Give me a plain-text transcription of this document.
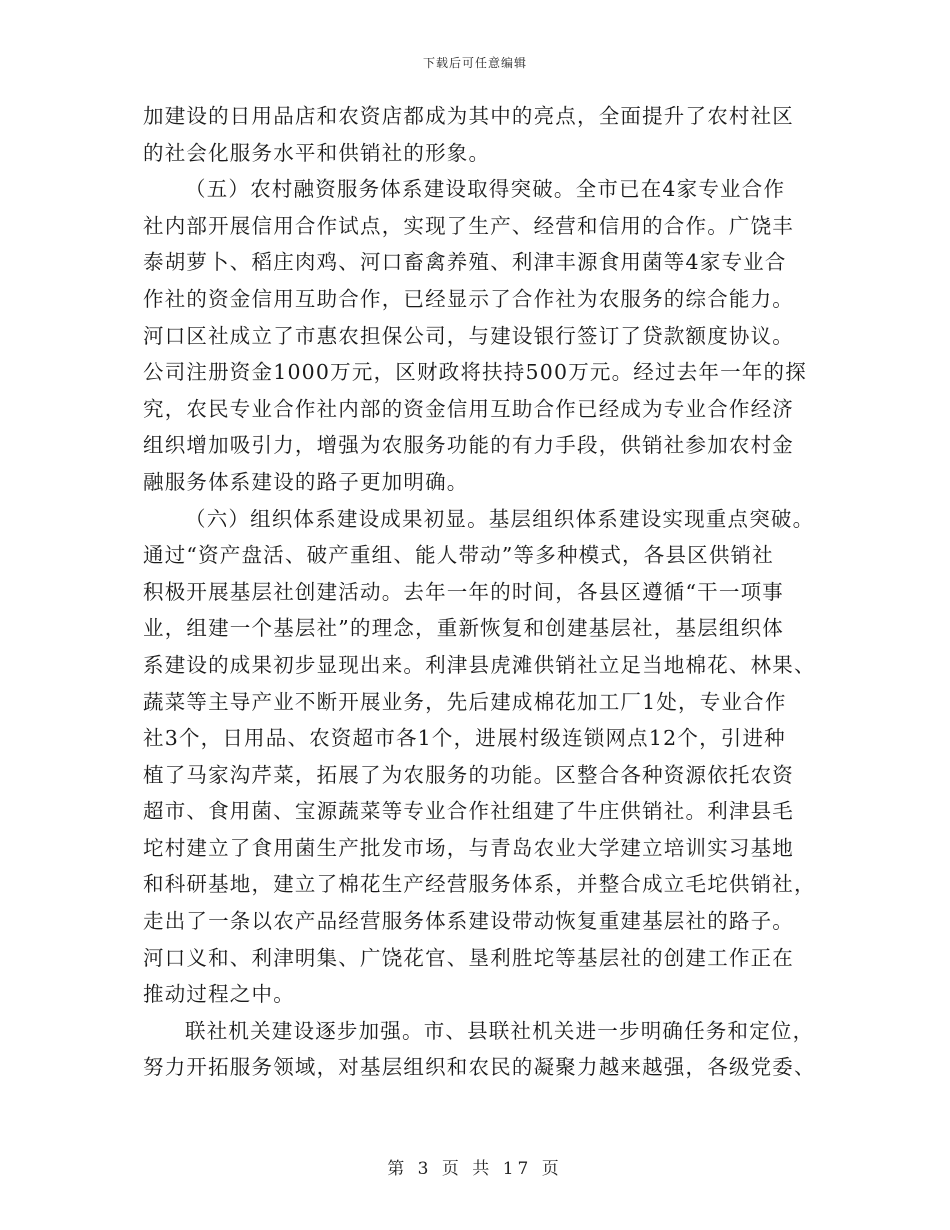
下载后可任意编辑
加建设的日用品店和农资店都成为其中的亮点，全面提升了农村社区
的社会化服务水平和供销社的形象。
（五）农村融资服务体系建设取得突破。全市已在4家专业合作
社内部开展信用合作试点，实现了生产、经营和信用的合作。广饶丰
泰胡萝卜、稻庄肉鸡、河口畜禽养殖、利津丰源食用菌等4家专业合
作社的资金信用互助合作，已经显示了合作社为农服务的综合能力。
河口区社成立了市惠农担保公司，与建设银行签订了贷款额度协议。
公司注册资金1000万元，区财政将扶持500万元。经过去年一年的探
究，农民专业合作社内部的资金信用互助合作已经成为专业合作经济
组织增加吸引力，增强为农服务功能的有力手段，供销社参加农村金
融服务体系建设的路子更加明确。
（六）组织体系建设成果初显。基层组织体系建设实现重点突破。
通过“资产盘活、破产重组、能人带动”等多种模式，各县区供销社
积极开展基层社创建活动。去年一年的时间，各县区遵循“干一项事
业，组建一个基层社”的理念，重新恢复和创建基层社，基层组织体
系建设的成果初步显现出来。利津县虎滩供销社立足当地棉花、林果、
蔬菜等主导产业不断开展业务，先后建成棉花加工厂1处，专业合作
社3个，日用品、农资超市各1个，进展村级连锁网点12个，引进种
植了马家沟芹菜，拓展了为农服务的功能。区整合各种资源依托农资
超市、食用菌、宝源蔬菜等专业合作社组建了牛庄供销社。利津县毛
坨村建立了食用菌生产批发市场，与青岛农业大学建立培训实习基地
和科研基地，建立了棉花生产经营服务体系，并整合成立毛坨供销社，
走出了一条以农产品经营服务体系建设带动恢复重建基层社的路子。
河口义和、利津明集、广饶花官、垦利胜坨等基层社的创建工作正在
推动过程之中。
联社机关建设逐步加强。市、县联社机关进一步明确任务和定位，
努力开拓服务领域，对基层组织和农民的凝聚力越来越强，各级党委、
第 3 页 共 17 页
